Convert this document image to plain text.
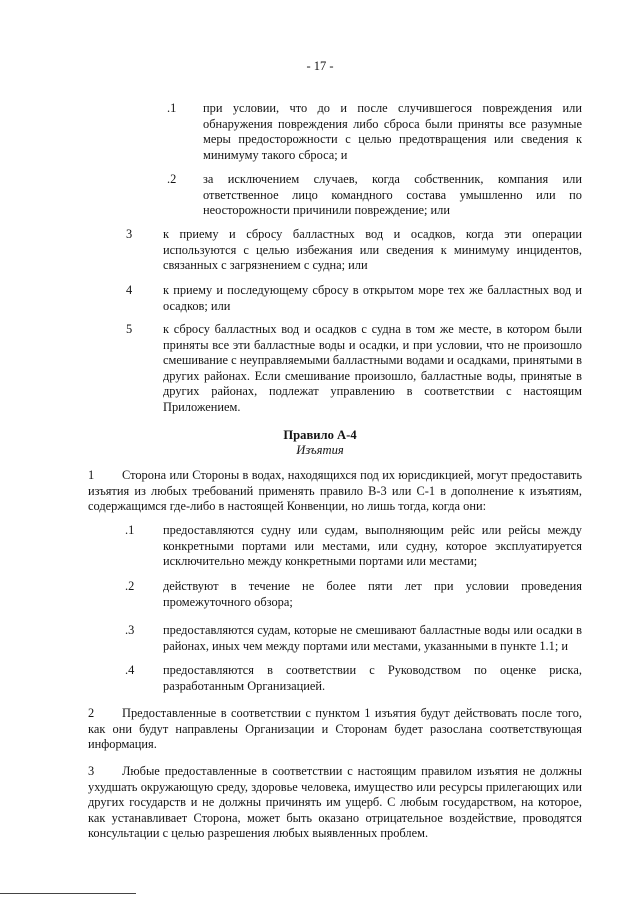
- 17 -
.1 при условии, что до и после случившегося повреждения или обнаружения повреждения либо сброса были приняты все разумные меры предосторожности с целью предотвращения или сведения к минимуму такого сброса; и
.2 за исключением случаев, когда собственник, компания или ответственное лицо командного состава умышленно или по неосторожности причинили повреждение; или
3 к приему и сбросу балластных вод и осадков, когда эти операции используются с целью избежания или сведения к минимуму инцидентов, связанных с загрязнением с судна; или
4 к приему и последующему сбросу в открытом море тех же балластных вод и осадков; или
5 к сбросу балластных вод и осадков с судна в том же месте, в котором были приняты все эти балластные воды и осадки, и при условии, что не произошло смешивание с неуправляемыми балластными водами и осадками, принятыми в других районах. Если смешивание произошло, балластные воды, принятые в других районах, подлежат управлению в соответствии с настоящим Приложением.
Правило А-4
Изъятия
1	Сторона или Стороны в водах, находящихся под их юрисдикцией, могут предоставить изъятия из любых требований применять правило В-3 или С-1 в дополнение к изъятиям, содержащимся где-либо в настоящей Конвенции, но лишь тогда, когда они:
.1 предоставляются судну или судам, выполняющим рейс или рейсы между конкретными портами или местами, или судну, которое эксплуатируется исключительно между конкретными портами или местами;
.2 действуют в течение не более пяти лет при условии проведения промежуточного обзора;
.3 предоставляются судам, которые не смешивают балластные воды или осадки в районах, иных чем между портами или местами, указанными в пункте 1.1; и
.4 предоставляются в соответствии с Руководством по оценке риска, разработанным Организацией.
2	Предоставленные в соответствии с пунктом 1 изъятия будут действовать после того, как они будут направлены Организации и Сторонам будет разослана соответствующая информация.
3	Любые предоставленные в соответствии с настоящим правилом изъятия не должны ухудшать окружающую среду, здоровье человека, имущество или ресурсы прилегающих или других государств и не должны причинять им ущерб. С любым государством, на которое, как устанавливает Сторона, может быть оказано отрицательное воздействие, проводятся консультации с целью разрешения любых выявленных проблем.
